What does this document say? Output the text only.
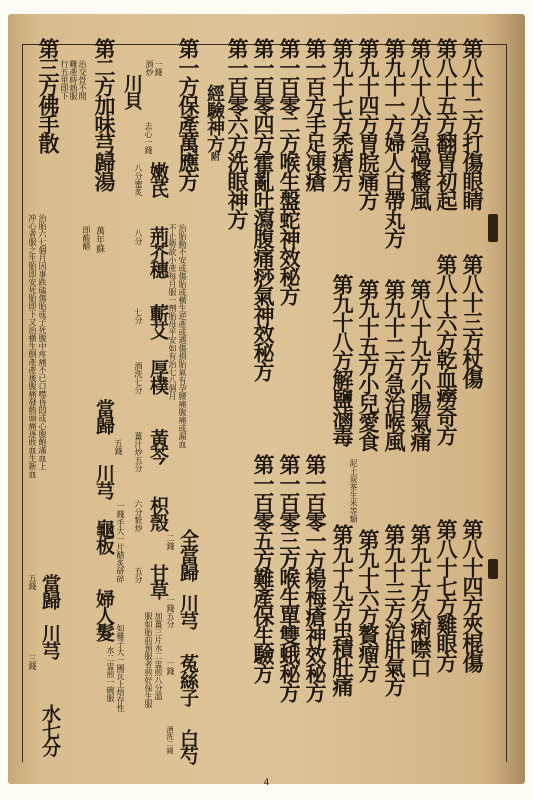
第八十二方打傷眼睛
第八十三方杖傷
第八十四方夾棍傷
第八十五方翻胃初起
第八十六方乾血癆奇方
第八十七方雞眼方
第八十八方急慢驚風
第八十九方小腸氣痛
第九十方久痢噤口
第九十一方婦人白帶丸方
第九十二方急治喉風
第九十三方治肝氣方
第九十四方胃脘痛方
第九十五方小兒愛食
泥土炭茶生米等類
第九十六方贅瘤方
第九十七方禿瘡方
第九十八方解鹽滷毒
第九十九方虫積肚痛
第一百方手足凍瘡
第一百零一方楊梅瘡神效秘方
第一百零二方喉生盤蛇神效秘方
第一百零三方喉生單雙蛾秘方
第一百零四方霍亂吐瀉腹痛痧氣神效秘方
第一百零五方難產保生驗方
第一百零六方洗眼神方
經驗神方附
第一方保產萬應方
治胎動不安或傷胎或橫生逆產或遇傷損胎氣有孕腰痛腹痛或漏血
不止勢欲小產每月服一劑胎母平安如有治七八個月
一錢
酒炒
川貝
去心一錢
嫩芪
八分蜜炙
荊芥穗
八分
蘄艾
七分
厚樸
酒洗七分
黃芩
薑汁炒五分
枳殼
六分麩炒
甘草
五分 全當歸
二錢
川芎
一錢五分
菟絲子
一錢
白芍
酒洗二錢
加薑三片水二盅煎八分溫
服如胎前預服者煎好保生服
第二方加味芎歸湯
治交骨不開
難產時熱服
行五里即下
萬年蘇
即酸醋
當歸
五錢
川芎
一錢
龜板 手大一片醋炙研碎
婦人髮
如雞子大一團瓦上焙存性
水二盅煎一碗服
第三方佛手散
治胎六七個月因事跌磕傷胎或子死腹中疼痛不已口噤昏悶或心腹飽滿血上
冲心者服之生胎即安死胎即下又治橫生倒產產後腹痛發熱頭痛逐敗血生新血
當歸
五錢
川芎
三錢
水七分
4
